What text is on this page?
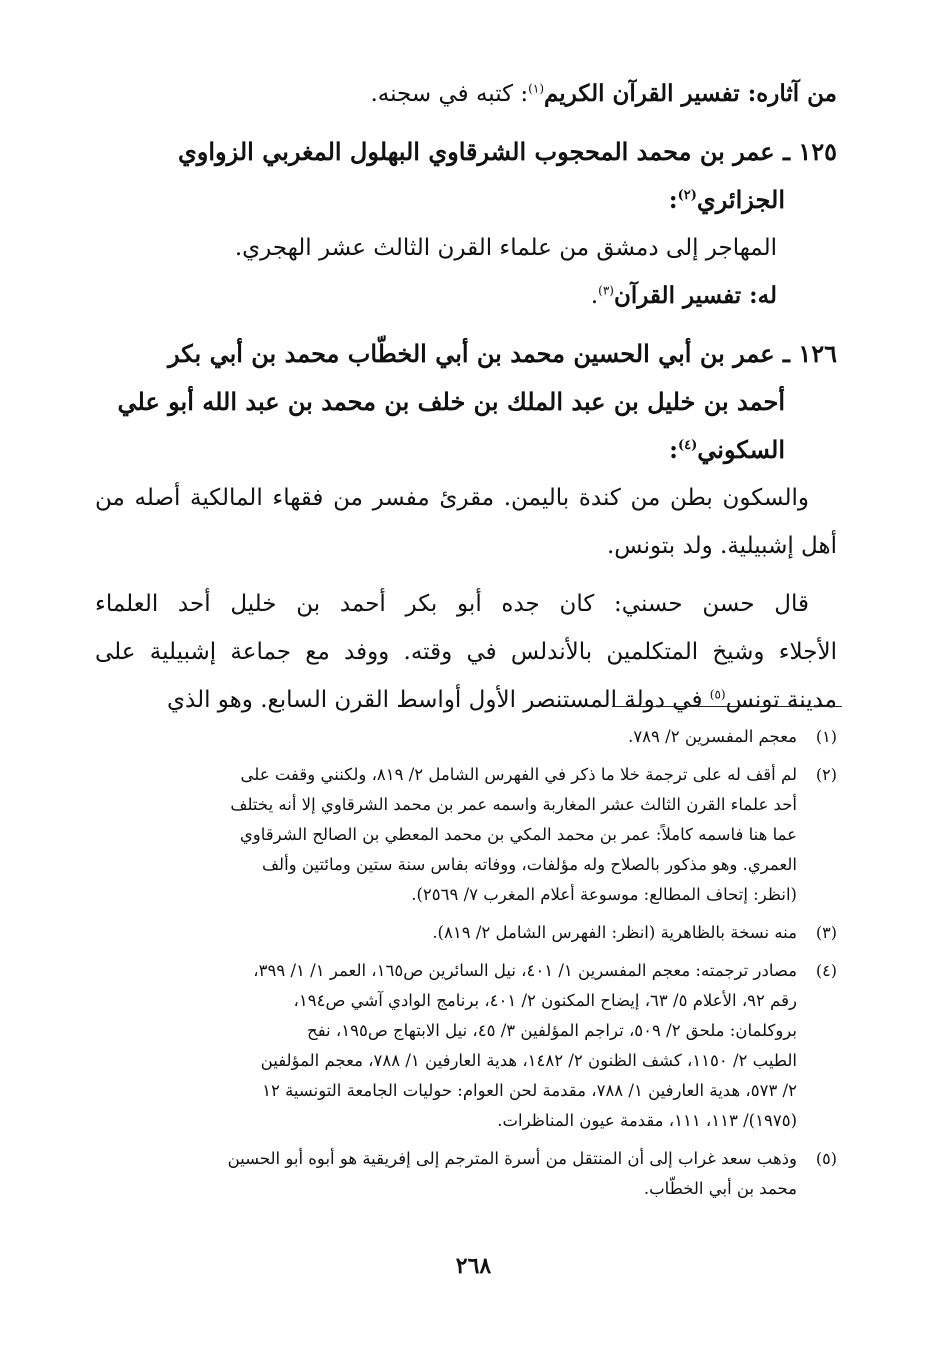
من آثاره: تفسير القرآن الكريم$^{(١)}$: كتبه في سجنه.
١٢٥ ـ عمر بن محمد المحجوب الشرقاوي البهلول المغربي الزواوي
الجزائري$^{(٢)}$:
المهاجر إلى دمشق من علماء القرن الثالث عشر الهجري.
له: تفسير القرآن$^{(٣)}$.
١٢٦ ـ عمر بن أبي الحسين محمد بن أبي الخطّاب محمد بن أبي بكر
أحمد بن خليل بن عبد الملك بن خلف بن محمد بن عبد الله أبو علي
السكوني$^{(٤)}$:
والسكون بطن من كندة باليمن. مقرئ مفسر من فقهاء المالكية أصله من
أهل إشبيلية. ولد بتونس.
قال حسن حسني: كان جده أبو بكر أحمد بن خليل أحد العلماء
الأجلاء وشيخ المتكلمين بالأندلس في وقته. ووفد مع جماعة إشبيلية على
مدينة تونس$^{(٥)}$ في دولة المستنصر الأول أواسط القرن السابع. وهو الذي
(١)
معجم المفسرين ٢/ ٧٨٩.
(٢)
لم أقف له على ترجمة خلا ما ذكر في الفهرس الشامل ٢/ ٨١٩، ولكنني وقفت على
أحد علماء القرن الثالث عشر المغاربة واسمه عمر بن محمد الشرقاوي إلا أنه يختلف
عما هنا فاسمه كاملاً: عمر بن محمد المكي بن محمد المعطي بن الصالح الشرقاوي
العمري. وهو مذكور بالصلاح وله مؤلفات، ووفاته بفاس سنة ستين ومائتين وألف
(انظر: إتحاف المطالع: موسوعة أعلام المغرب ٧/ ٢٥٦٩).
(٣)
منه نسخة بالظاهرية (انظر: الفهرس الشامل ٢/ ٨١٩).
(٤)
مصادر ترجمته: معجم المفسرين ١/ ٤٠١، نيل السائرين ص١٦٥، العمر ١/ ١/ ٣٩٩،
رقم ٩٢، الأعلام ٥/ ٦٣، إيضاح المكنون ٢/ ٤٠١، برنامج الوادي آشي ص١٩٤،
بروكلمان: ملحق ٢/ ٥٠٩، تراجم المؤلفين ٣/ ٤٥، نيل الابتهاج ص١٩٥، نفح
الطيب ٢/ ١١٥٠، كشف الظنون ٢/ ١٤٨٢، هدية العارفين ١/ ٧٨٨، معجم المؤلفين
٢/ ٥٧٣، هدية العارفين ١/ ٧٨٨، مقدمة لحن العوام: حوليات الجامعة التونسية ١٢
(١٩٧٥)/ ١١٣، ١١١، مقدمة عيون المناظرات.
(٥)
وذهب سعد غراب إلى أن المنتقل من أسرة المترجم إلى إفريقية هو أبوه أبو الحسين
محمد بن أبي الخطّاب.
٢٦٨
